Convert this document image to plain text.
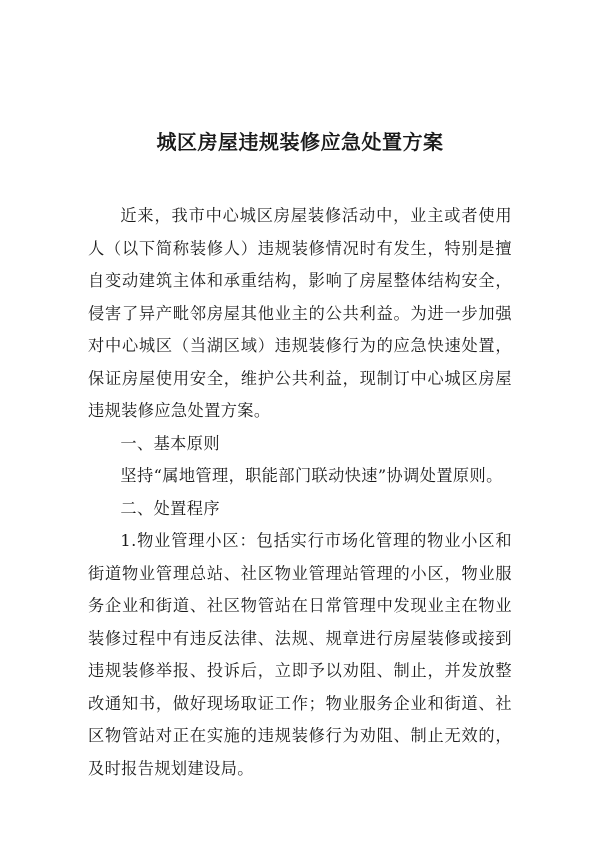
城区房屋违规装修应急处置方案

近来，我市中心城区房屋装修活动中，业主或者使用人（以下简称装修人）违规装修情况时有发生，特别是擅自变动建筑主体和承重结构，影响了房屋整体结构安全，侵害了异产毗邻房屋其他业主的公共利益。为进一步加强对中心城区（当湖区域）违规装修行为的应急快速处置，保证房屋使用安全，维护公共利益，现制订中心城区房屋违规装修应急处置方案。

一、基本原则

坚持“属地管理，职能部门联动快速”协调处置原则。

二、处置程序

1.物业管理小区：包括实行市场化管理的物业小区和街道物业管理总站、社区物业管理站管理的小区，物业服务企业和街道、社区物管站在日常管理中发现业主在物业装修过程中有违反法律、法规、规章进行房屋装修或接到违规装修举报、投诉后，立即予以劝阻、制止，并发放整改通知书，做好现场取证工作；物业服务企业和街道、社区物管站对正在实施的违规装修行为劝阻、制止无效的，及时报告规划建设局。
